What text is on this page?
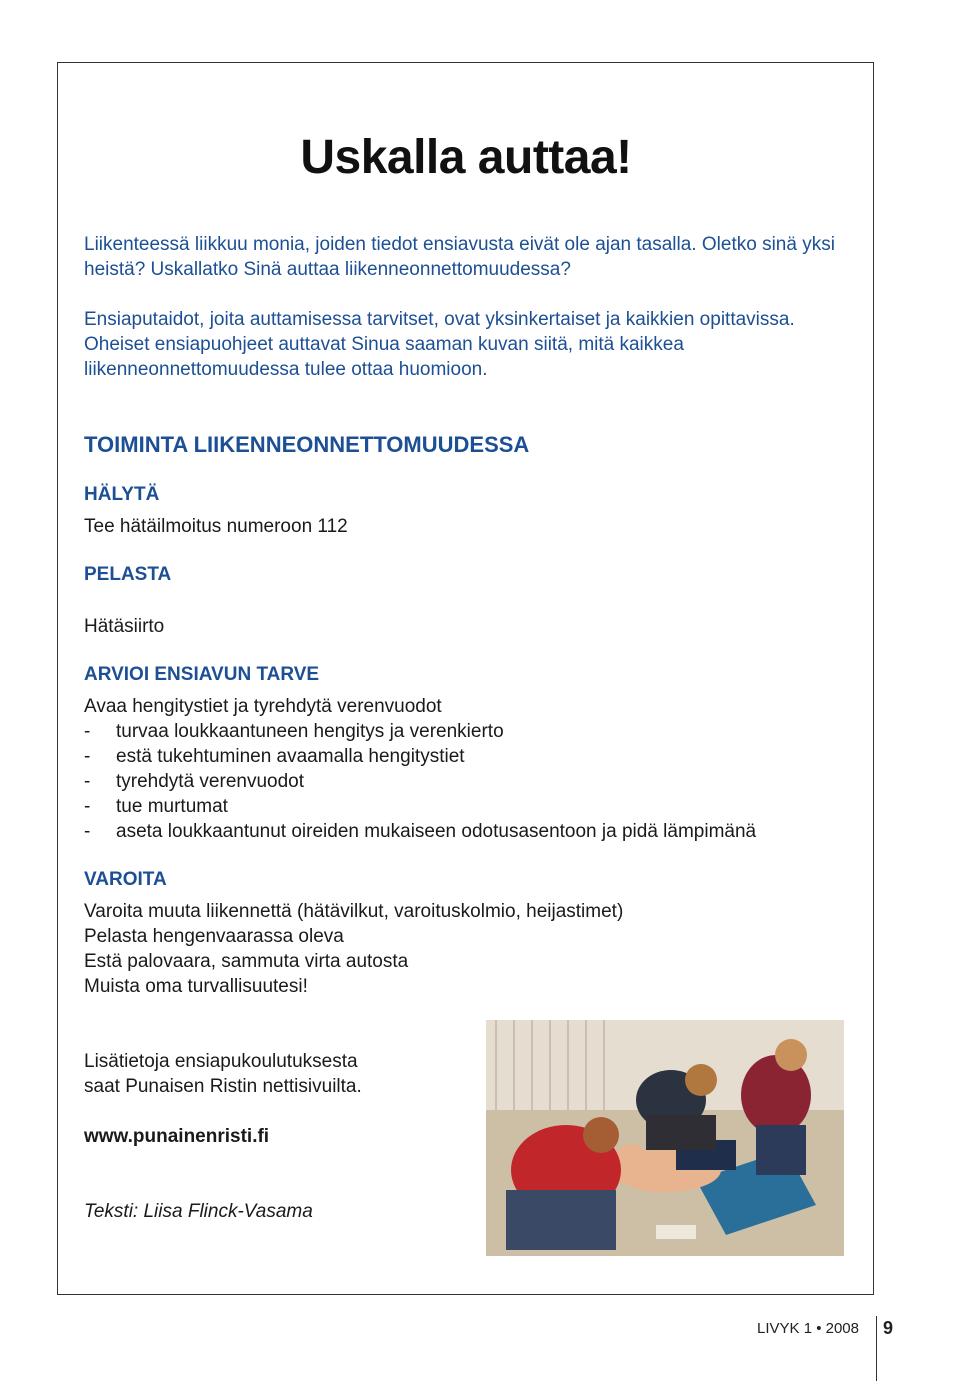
Uskalla auttaa!

Liikenteessä liikkuu monia, joiden tiedot ensiavusta eivät ole ajan tasalla. Oletko sinä yksi heistä? Uskallatko Sinä auttaa liikenneonnettomuudessa?

Ensiaputaidot, joita auttamisessa tarvitset, ovat yksinkertaiset ja kaikkien opittavissa. Oheiset ensiapuohjeet auttavat Sinua saaman kuvan siitä, mitä kaikkea liikenneonnettomuudessa tulee ottaa huomioon.

TOIMINTA LIIKENNEONNETTOMUUDESSA
HÄLYTÄ

Tee hätäilmoitus numeroon 112

PELASTA

Hätäsiirto

ARVIOI ENSIAVUN TARVE
Avaa hengitystiet ja tyrehdytä verenvuodot
-	turvaa loukkaantuneen hengitys ja verenkierto
-	estä tukehtuminen avaamalla hengitystiet
-	tyrehdytä verenvuodot
-	tue murtumat
-	aseta loukkaantunut oireiden mukaiseen odotusasentoon ja pidä lämpimänä
VAROITA
Varoita muuta liikennettä (hätävilkut, varoituskolmio, heijastimet)
Pelasta hengenvaarassa oleva
Estä palovaara, sammuta virta autosta
Muista oma turvallisuutesi!
Lisätietoja ensiapukoulutuksesta
saat Punaisen Ristin nettisivuilta.
www.punainenristi.fi

Teksti: Liisa Flinck-Vasama

LIVYK 1 • 2008 9
